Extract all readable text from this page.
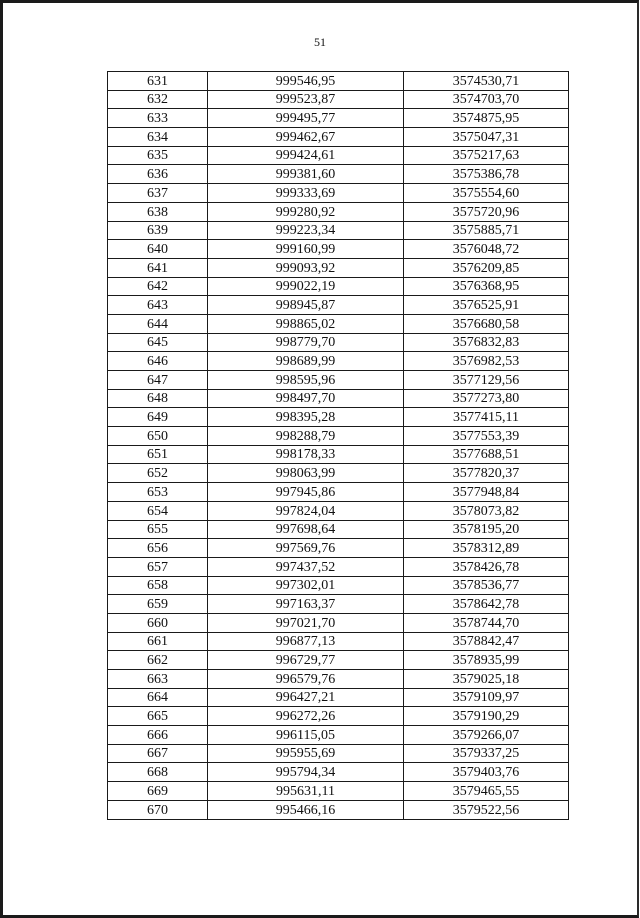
51
631	999546,95	3574530,71
632	999523,87	3574703,70
633	999495,77	3574875,95
634	999462,67	3575047,31
635	999424,61	3575217,63
636	999381,60	3575386,78
637	999333,69	3575554,60
638	999280,92	3575720,96
639	999223,34	3575885,71
640	999160,99	3576048,72
641	999093,92	3576209,85
642	999022,19	3576368,95
643	998945,87	3576525,91
644	998865,02	3576680,58
645	998779,70	3576832,83
646	998689,99	3576982,53
647	998595,96	3577129,56
648	998497,70	3577273,80
649	998395,28	3577415,11
650	998288,79	3577553,39
651	998178,33	3577688,51
652	998063,99	3577820,37
653	997945,86	3577948,84
654	997824,04	3578073,82
655	997698,64	3578195,20
656	997569,76	3578312,89
657	997437,52	3578426,78
658	997302,01	3578536,77
659	997163,37	3578642,78
660	997021,70	3578744,70
661	996877,13	3578842,47
662	996729,77	3578935,99
663	996579,76	3579025,18
664	996427,21	3579109,97
665	996272,26	3579190,29
666	996115,05	3579266,07
667	995955,69	3579337,25
668	995794,34	3579403,76
669	995631,11	3579465,55
670	995466,16	3579522,56
